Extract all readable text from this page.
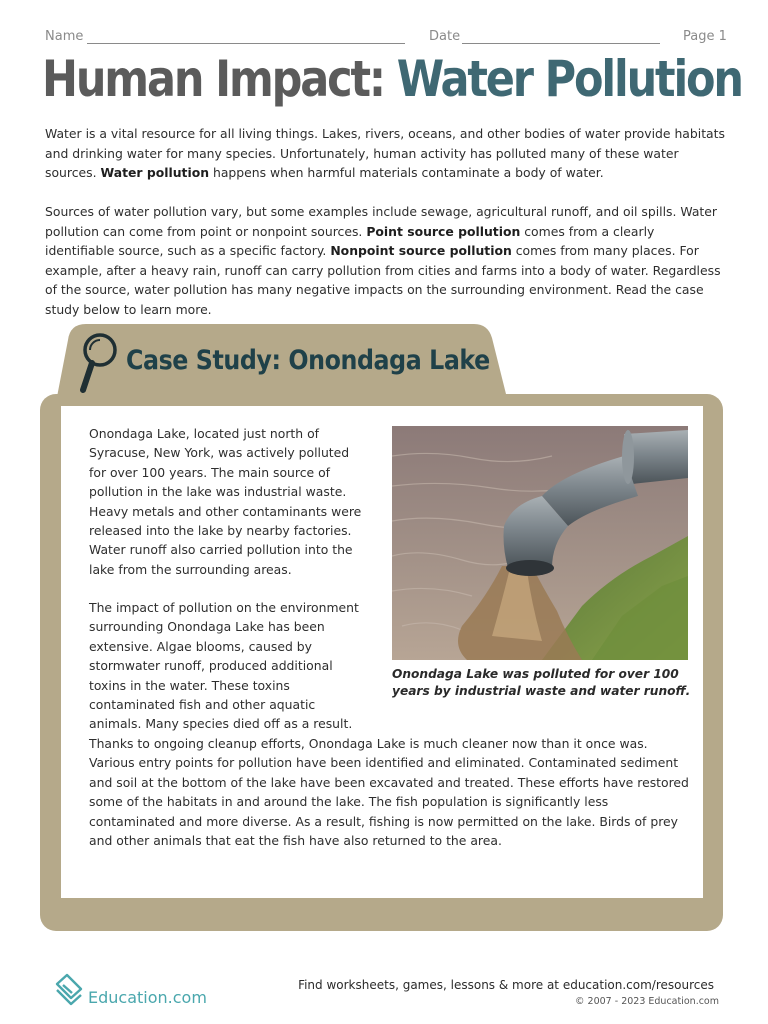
Name	Date	Page 1
Human Impact: Water Pollution
Water is a vital resource for all living things. Lakes, rivers, oceans, and other bodies of water provide habitats and drinking water for many species. Unfortunately, human activity has polluted many of these water sources. Water pollution happens when harmful materials contaminate a body of water.
Sources of water pollution vary, but some examples include sewage, agricultural runoff, and oil spills. Water pollution can come from point or nonpoint sources. Point source pollution comes from a clearly identifiable source, such as a specific factory. Nonpoint source pollution comes from many places. For example, after a heavy rain, runoff can carry pollution from cities and farms into a body of water. Regardless of the source, water pollution has many negative impacts on the surrounding environment. Read the case study below to learn more.
Case Study: Onondaga Lake
Onondaga Lake, located just north of Syracuse, New York, was actively polluted for over 100 years. The main source of pollution in the lake was industrial waste. Heavy metals and other contaminants were released into the lake by nearby factories. Water runoff also carried pollution into the lake from the surrounding areas.
The impact of pollution on the environment surrounding Onondaga Lake has been extensive. Algae blooms, caused by stormwater runoff, produced additional toxins in the water. These toxins contaminated fish and other aquatic animals. Many species died off as a result.
Onondaga Lake was polluted for over 100 years by industrial waste and water runoff.
Thanks to ongoing cleanup efforts, Onondaga Lake is much cleaner now than it once was. Various entry points for pollution have been identified and eliminated. Contaminated sediment and soil at the bottom of the lake have been excavated and treated. These efforts have restored some of the habitats in and around the lake. The fish population is significantly less contaminated and more diverse. As a result, fishing is now permitted on the lake. Birds of prey and other animals that eat the fish have also returned to the area.
Education.com
Find worksheets, games, lessons & more at education.com/resources
© 2007 - 2023 Education.com
